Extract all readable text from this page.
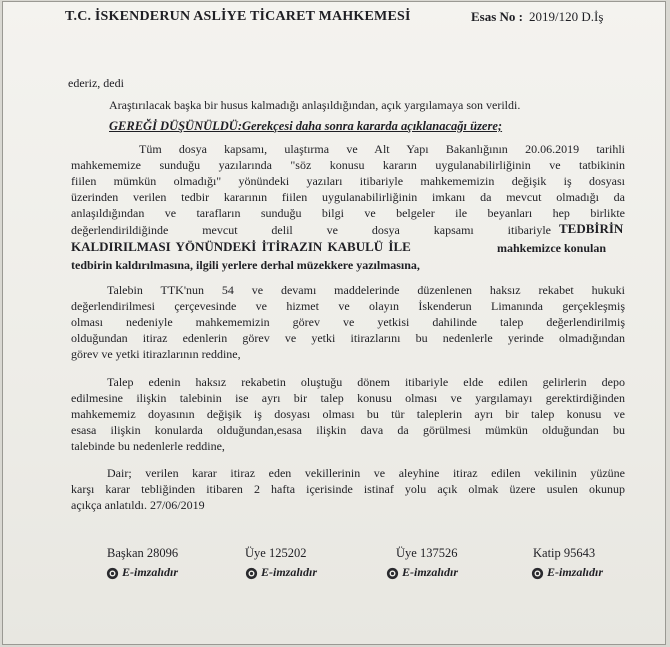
T.C. İSKENDERUN ASLİYE TİCARET MAHKEMESİ	Esas No : 2019/120 D.İş
ederiz, dedi
Araştırılacak başka bir husus kalmadığı anlaşıldığından, açık yargılamaya son verildi.
GEREĞİ DÜŞÜNÜLDÜ:Gerekçesi daha sonra kararda açıklanacağı üzere;
Tüm dosya kapsamı, ulaştırma ve Alt Yapı Bakanlığının 20.06.2019 tarihli
mahkememize sunduğu yazılarında "söz konusu kararın uygulanabilirliğinin ve tatbikinin
fiilen mümkün olmadığı" yönündeki yazıları itibariyle mahkememizin değişik iş dosyası
üzerinden verilen tedbir kararının fiilen uygulanabilirliğinin imkanı da mevcut olmadığı da
anlaşıldığından ve tarafların sunduğu bilgi ve belgeler ile beyanları hep birlikte
değerlendirildiğinde mevcut delil ve dosya kapsamı itibariyle TEDBİRİN
KALDIRILMASI YÖNÜNDEKİ İTİRAZIN KABULÜ İLE	mahkemizce konulan
tedbirin kaldırılmasına, ilgili yerlere derhal müzekkere yazılmasına,
Talebin TTK'nun 54 ve devamı maddelerinde düzenlenen haksız rekabet hukuki
değerlendirilmesi çerçevesinde ve hizmet ve olayın İskenderun Limanında gerçekleşmiş
olması nedeniyle mahkememizin görev ve yetkisi dahilinde talep değerlendirilmiş
olduğundan itiraz edenlerin görev ve yetki itirazlarını bu nedenlerle yerinde olmadığından
görev ve yetki itirazlarının reddine,
Talep edenin haksız rekabetin oluştuğu dönem itibariyle elde edilen gelirlerin depo
edilmesine ilişkin talebinin ise ayrı bir talep konusu olması ve yargılamayı gerektirdiğinden
mahkememiz doyasının değişik iş dosyası olması bu tür taleplerin ayrı bir talep konusu ve
esasa ilişkin konularda olduğundan,esasa ilişkin dava da görülmesi mümkün olduğundan bu
talebinde bu nedenlerle reddine,
Dair; verilen karar itiraz eden vekillerinin ve aleyhine itiraz edilen vekilinin yüzüne
karşı karar tebliğinden itibaren 2 hafta içerisinde istinaf yolu açık olmak üzere usulen okunup
açıkça anlatıldı. 27/06/2019
Başkan 28096	Üye 125202	Üye 137526	Katip 95643
E-imzalıdır	E-imzalıdır	E-imzalıdır	E-imzalıdır
